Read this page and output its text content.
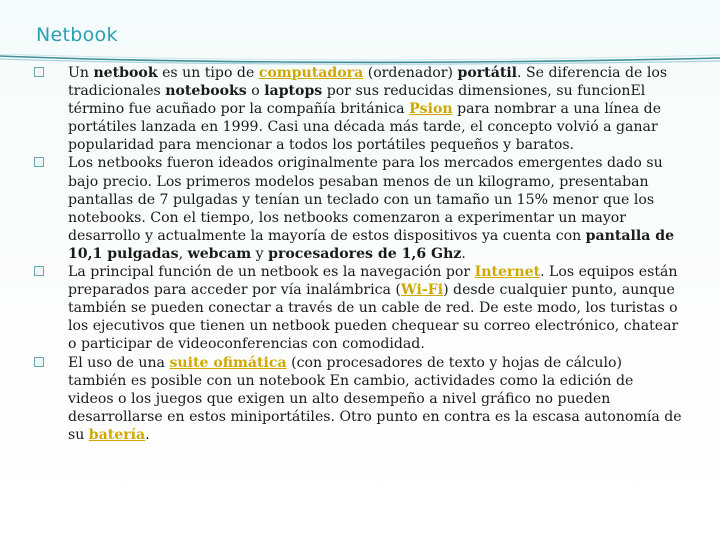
Netbook

Un netbook es un tipo de computadora (ordenador) portátil. Se diferencia de los tradicionales notebooks o laptops por sus reducidas dimensiones, su funcionEl término fue acuñado por la compañía británica Psion para nombrar a una línea de portátiles lanzada en 1999. Casi una década más tarde, el concepto volvió a ganar popularidad para mencionar a todos los portátiles pequeños y baratos.

Los netbooks fueron ideados originalmente para los mercados emergentes dado su bajo precio. Los primeros modelos pesaban menos de un kilogramo, presentaban pantallas de 7 pulgadas y tenían un teclado con un tamaño un 15% menor que los notebooks. Con el tiempo, los netbooks comenzaron a experimentar un mayor desarrollo y actualmente la mayoría de estos dispositivos ya cuenta con pantalla de 10,1 pulgadas, webcam y procesadores de 1,6 Ghz.

La principal función de un netbook es la navegación por Internet. Los equipos están preparados para acceder por vía inalámbrica (Wi-Fi) desde cualquier punto, aunque también se pueden conectar a través de un cable de red. De este modo, los turistas o los ejecutivos que tienen un netbook pueden chequear su correo electrónico, chatear o participar de videoconferencias con comodidad.

El uso de una suite ofimática (con procesadores de texto y hojas de cálculo) también es posible con un notebook En cambio, actividades como la edición de videos o los juegos que exigen un alto desempeño a nivel gráfico no pueden desarrollarse en estos miniportátiles. Otro punto en contra es la escasa autonomía de su batería.
